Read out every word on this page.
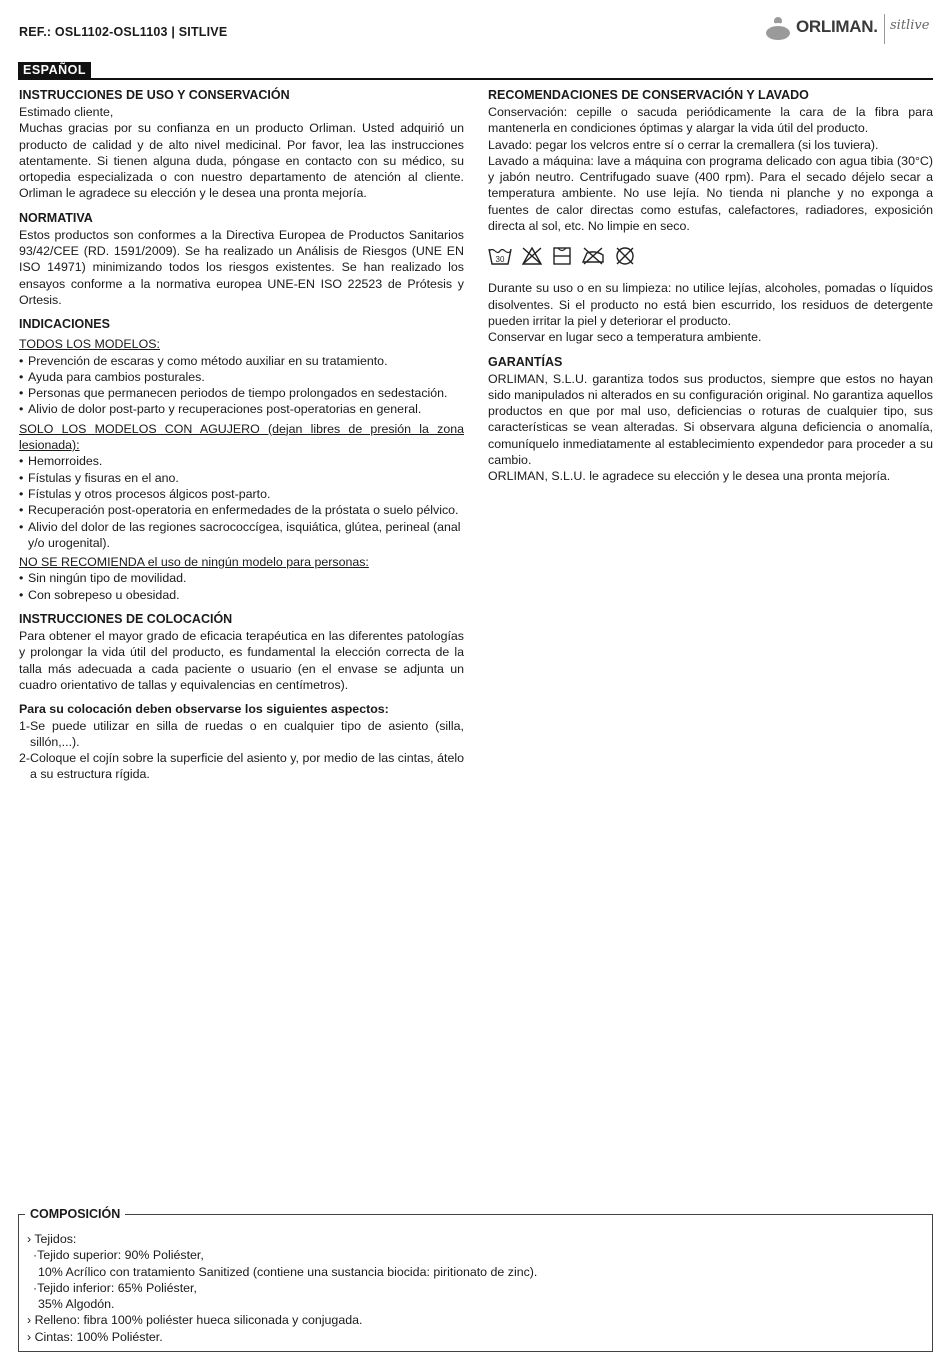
REF.: OSL1102-OSL1103 | SITLIVE	ORLIMAN. sitlive
ESPAÑOL
INSTRUCCIONES DE USO Y CONSERVACIÓN

Estimado cliente,

Muchas gracias por su confianza en un producto Orliman. Usted adquirió un producto de calidad y de alto nivel medicinal. Por favor, lea las instrucciones atentamente. Si tienen alguna duda, póngase en contacto con su médico, su ortopedia especializada o con nuestro departamento de atención al cliente. Orliman le agradece su elección y le desea una pronta mejoría.

NORMATIVA

Estos productos son conformes a la Directiva Europea de Productos Sanitarios 93/42/CEE (RD. 1591/2009). Se ha realizado un Análisis de Riesgos (UNE EN ISO 14971) minimizando todos los riesgos existentes. Se han realizado los ensayos conforme a la normativa europea UNE-EN ISO 22523 de Prótesis y Ortesis.

INDICACIONES

TODOS LOS MODELOS:

• Prevención de escaras y como método auxiliar en su tratamiento.
• Ayuda para cambios posturales.
• Personas que permanecen periodos de tiempo prolongados en sedestación.
• Alivio de dolor post-parto y recuperaciones post-operatorias en general.

SOLO LOS MODELOS CON AGUJERO (dejan libres de presión la zona lesionada):

• Hemorroides.
• Fístulas y fisuras en el ano.
• Fístulas y otros procesos álgicos post-parto.
• Recuperación post-operatoria en enfermedades de la próstata o suelo pélvico.
• Alivio del dolor de las regiones sacrococcígea, isquiática, glútea, perineal (anal y/o urogenital).

NO SE RECOMIENDA el uso de ningún modelo para personas:

• Sin ningún tipo de movilidad.
• Con sobrepeso u obesidad.
INSTRUCCIONES DE COLOCACIÓN

Para obtener el mayor grado de eficacia terapéutica en las diferentes patologías y prolongar la vida útil del producto, es fundamental la elección correcta de la talla más adecuada a cada paciente o usuario (en el envase se adjunta un cuadro orientativo de tallas y equivalencias en centímetros).

Para su colocación deben observarse los siguientes aspectos:

1-Se puede utilizar en silla de ruedas o en cualquier tipo de asiento (silla, sillón,...).
2-Coloque el cojín sobre la superficie del asiento y, por medio de las cintas, átelo a su estructura rígida.
RECOMENDACIONES DE CONSERVACIÓN Y LAVADO

Conservación: cepille o sacuda periódicamente la cara de la fibra para mantenerla en condiciones óptimas y alargar la vida útil del producto.

Lavado: pegar los velcros entre sí o cerrar la cremallera (si los tuviera).

Lavado a máquina: lave a máquina con programa delicado con agua tibia (30°C) y jabón neutro. Centrifugado suave (400 rpm). Para el secado déjelo secar a temperatura ambiente. No use lejía. No tienda ni planche y no exponga a fuentes de calor directas como estufas, calefactores, radiadores, exposición directa al sol, etc. No limpie en seco.

30

Durante su uso o en su limpieza: no utilice lejías, alcoholes, pomadas o líquidos disolventes. Si el producto no está bien escurrido, los residuos de detergente pueden irritar la piel y deteriorar el producto.

Conservar en lugar seco a temperatura ambiente.

GARANTÍAS

ORLIMAN, S.L.U. garantiza todos sus productos, siempre que estos no hayan sido manipulados ni alterados en su configuración original. No garantiza aquellos productos en que por mal uso, deficiencias o roturas de cualquier tipo, sus características se vean alteradas. Si observara alguna deficiencia o anomalía, comuníquelo inmediatamente al establecimiento expendedor para proceder a su cambio.

ORLIMAN, S.L.U. le agradece su elección y le desea una pronta mejoría.

COMPOSICIÓN
› Tejidos:
·Tejido superior: 90% Poliéster,
10% Acrílico con tratamiento Sanitized (contiene una sustancia biocida: piritionato de zinc).
·Tejido inferior: 65% Poliéster,
35% Algodón.
› Relleno: fibra 100% poliéster hueca siliconada y conjugada.
› Cintas: 100% Poliéster.
